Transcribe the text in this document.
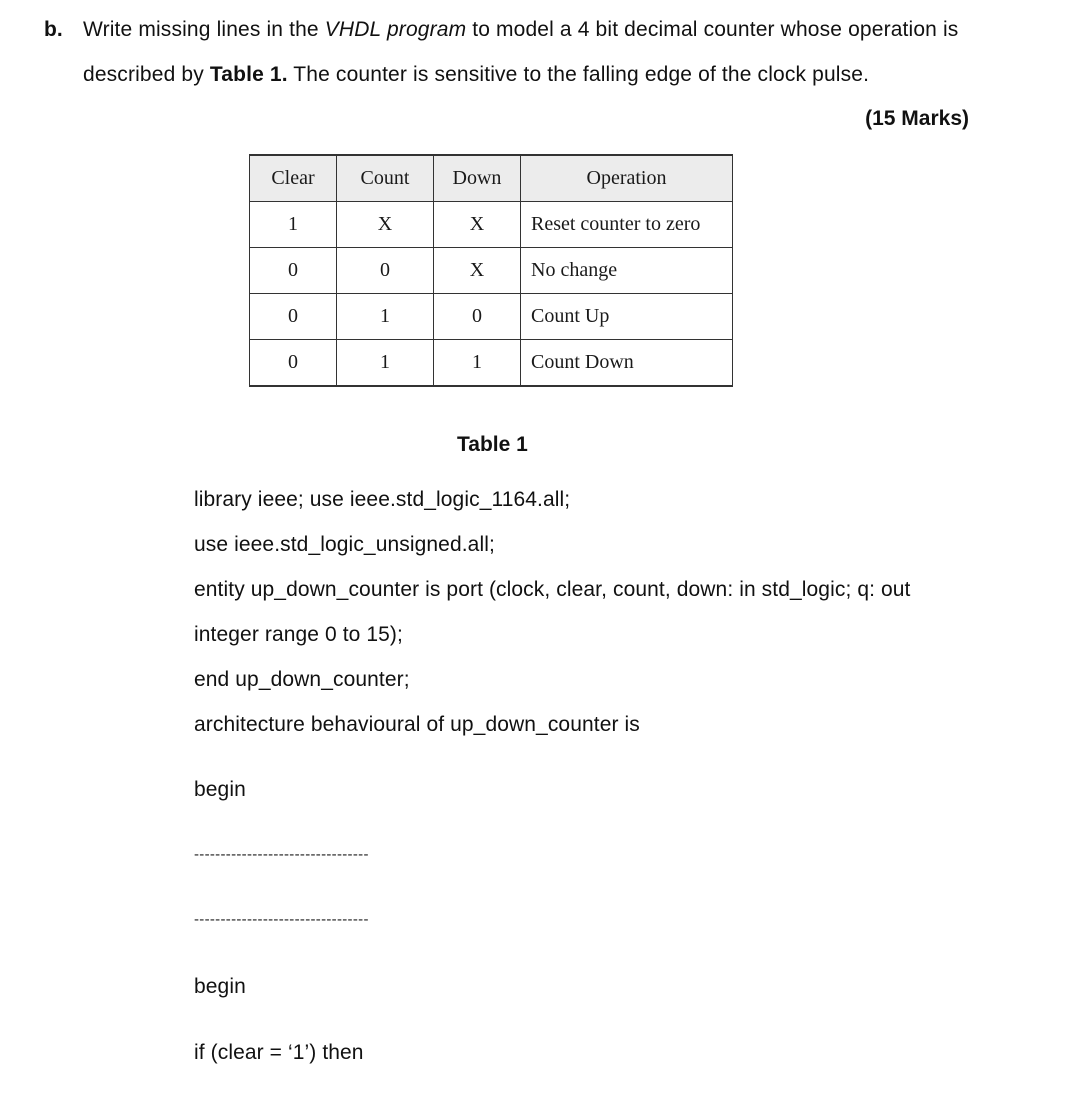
b. Write missing lines in the VHDL program to model a 4 bit decimal counter whose operation is
described by Table 1. The counter is sensitive to the falling edge of the clock pulse.
(15 Marks)
Clear	Count	Down	Operation
1	X	X	Reset counter to zero
0	0	X	No change
0	1	0	Count Up
0	1	1	Count Down
Table 1
library ieee; use ieee.std_logic_1164.all;
use ieee.std_logic_unsigned.all;
entity up_down_counter is port (clock, clear, count, down: in std_logic; q: out
integer range 0 to 15);
end up_down_counter;
architecture behavioural of up_down_counter is
begin
---------------------------------
---------------------------------
begin
if (clear = ‘1’) then
